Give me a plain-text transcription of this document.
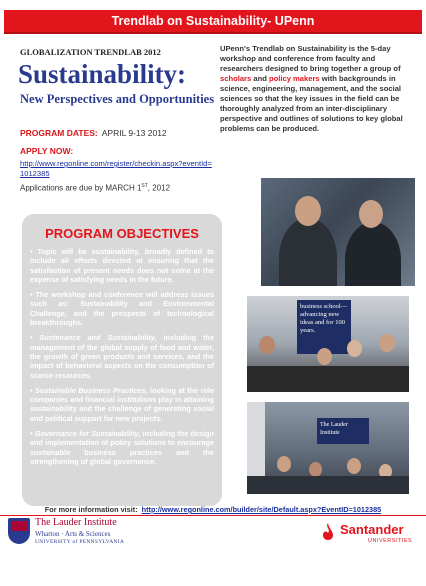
Trendlab on Sustainability- UPenn
GLOBALIZATION TRENDLAB 2012
Sustainability:
New Perspectives and Opportunities
UPenn's Trendlab on Sustainability is the 5-day workshop and conference from faculty and researchers designed to bring together a group of scholars and policy makers with backgrounds in science, engineering, management, and the social sciences so that the key issues in the field can be thoroughly analyzed from an inter-disciplinary perspective and outlines of solutions to key global problems can be produced.
PROGRAM DATES: APRIL 9-13 2012
APPLY NOW:
http://www.regonline.com/register/checkin.aspx?eventId=1012385
Applications are due by MARCH 1ST, 2012
PROGRAM OBJECTIVES
• Topic will be sustainability, broadly defined to include all efforts directed at ensuring that the satisfaction of present needs does not come at the expense of satisfying needs in the future.
• The workshop and conference will address issues such as: Sustainability and Environmental Challenge, and the prospects of technological breakthroughs.
• Sustenance and Sustainability, including the management of the global supply of food and water, the growth of green products and services, and the impact of behavioral aspects on the consumption of scarce resources.
• Sustainable Business Practices, looking at the role companies and financial institutions play in attaining sustainability and the challenge of generating social and political support for new projects.
• Governance for Sustainability, including the design and implementation of policy solutions to encourage sustainable business practices and the strengthening of global governance.
business school— advancing new ideas and for 100 years.
The Lauder Institute
For more information visit: http://www.regonline.com/builder/site/Default.aspx?EventID=1012385
The Lauder Institute
Wharton · Arts & Sciences
UNIVERSITY of PENNSYLVANIA
Santander
UNIVERSITIES
